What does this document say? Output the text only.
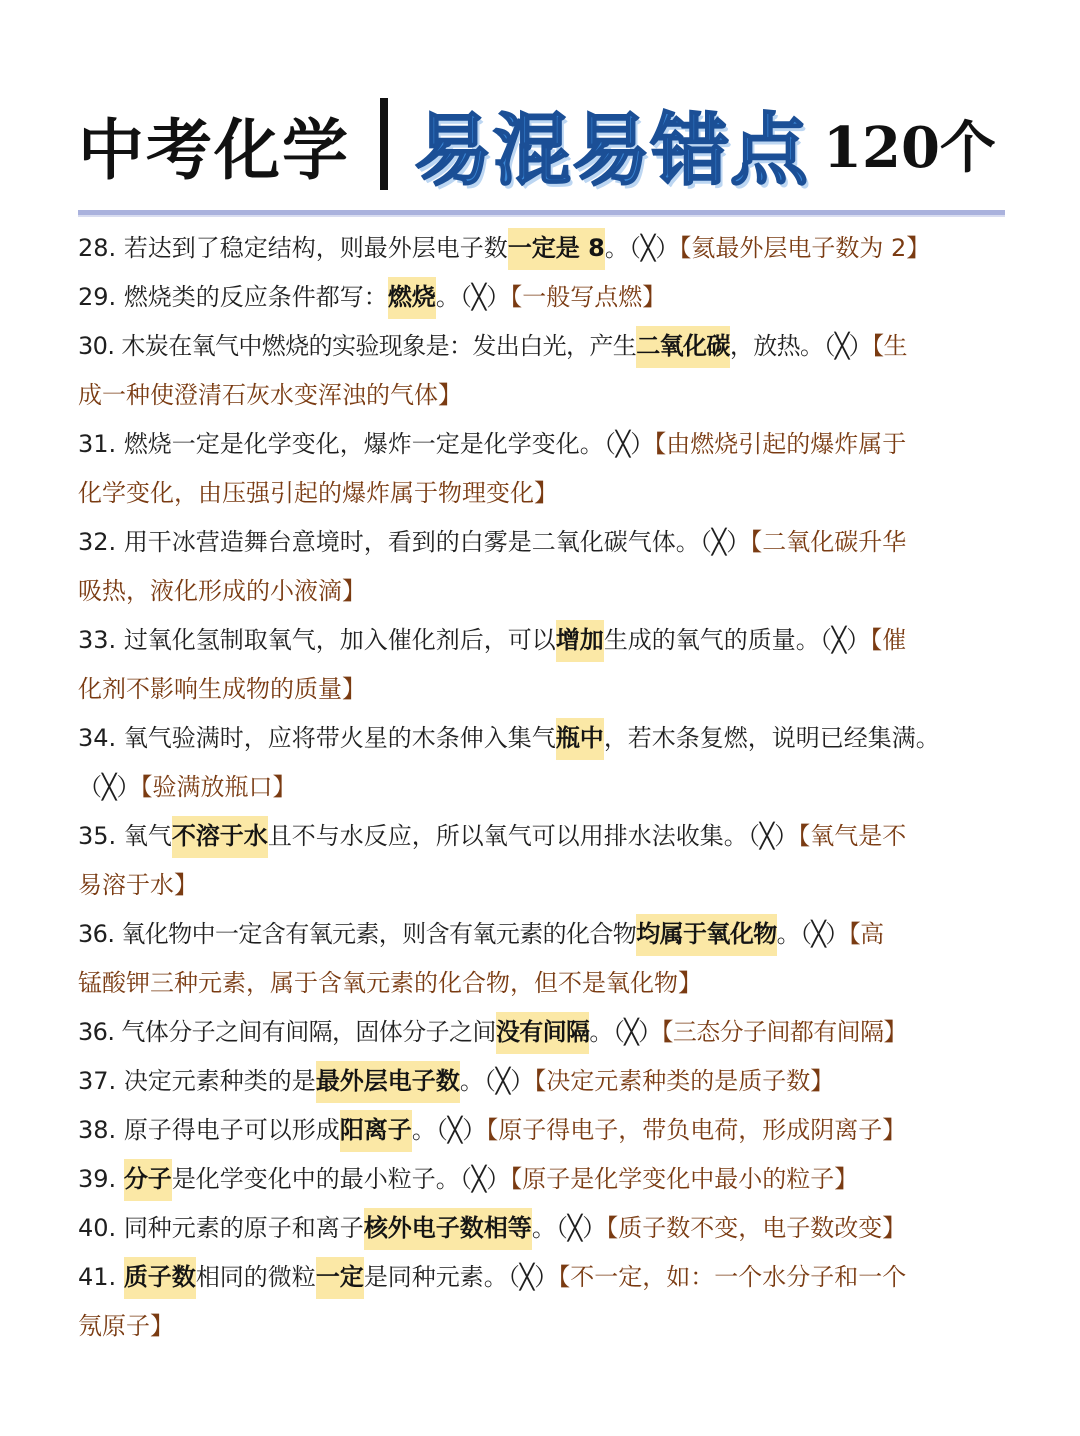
中考化学 易混易错点 120个
28. 若达到了稳定结构，则最外层电子数一定是 8。（╳）【氦最外层电子数为 2】
29. 燃烧类的反应条件都写：燃烧。（╳）【一般写点燃】
30. 木炭在氧气中燃烧的实验现象是：发出白光，产生二氧化碳，放热。（╳）【生
成一种使澄清石灰水变浑浊的气体】
31. 燃烧一定是化学变化，爆炸一定是化学变化。（╳）【由燃烧引起的爆炸属于
化学变化，由压强引起的爆炸属于物理变化】
32. 用干冰营造舞台意境时，看到的白雾是二氧化碳气体。（╳）【二氧化碳升华
吸热，液化形成的小液滴】
33. 过氧化氢制取氧气，加入催化剂后，可以增加生成的氧气的质量。（╳）【催
化剂不影响生成物的质量】
34. 氧气验满时，应将带火星的木条伸入集气瓶中，若木条复燃，说明已经集满。
（╳）【验满放瓶口】
35. 氧气不溶于水且不与水反应，所以氧气可以用排水法收集。（╳）【氧气是不
易溶于水】
36. 氧化物中一定含有氧元素，则含有氧元素的化合物均属于氧化物。（╳）【高
锰酸钾三种元素，属于含氧元素的化合物，但不是氧化物】
36. 气体分子之间有间隔，固体分子之间没有间隔。（╳）【三态分子间都有间隔】
37. 决定元素种类的是最外层电子数。（╳）【决定元素种类的是质子数】
38. 原子得电子可以形成阳离子。（╳）【原子得电子，带负电荷，形成阴离子】
39. 分子是化学变化中的最小粒子。（╳）【原子是化学变化中最小的粒子】
40. 同种元素的原子和离子核外电子数相等。（╳）【质子数不变，电子数改变】
41. 质子数相同的微粒一定是同种元素。（╳）【不一定，如：一个水分子和一个
氖原子】
